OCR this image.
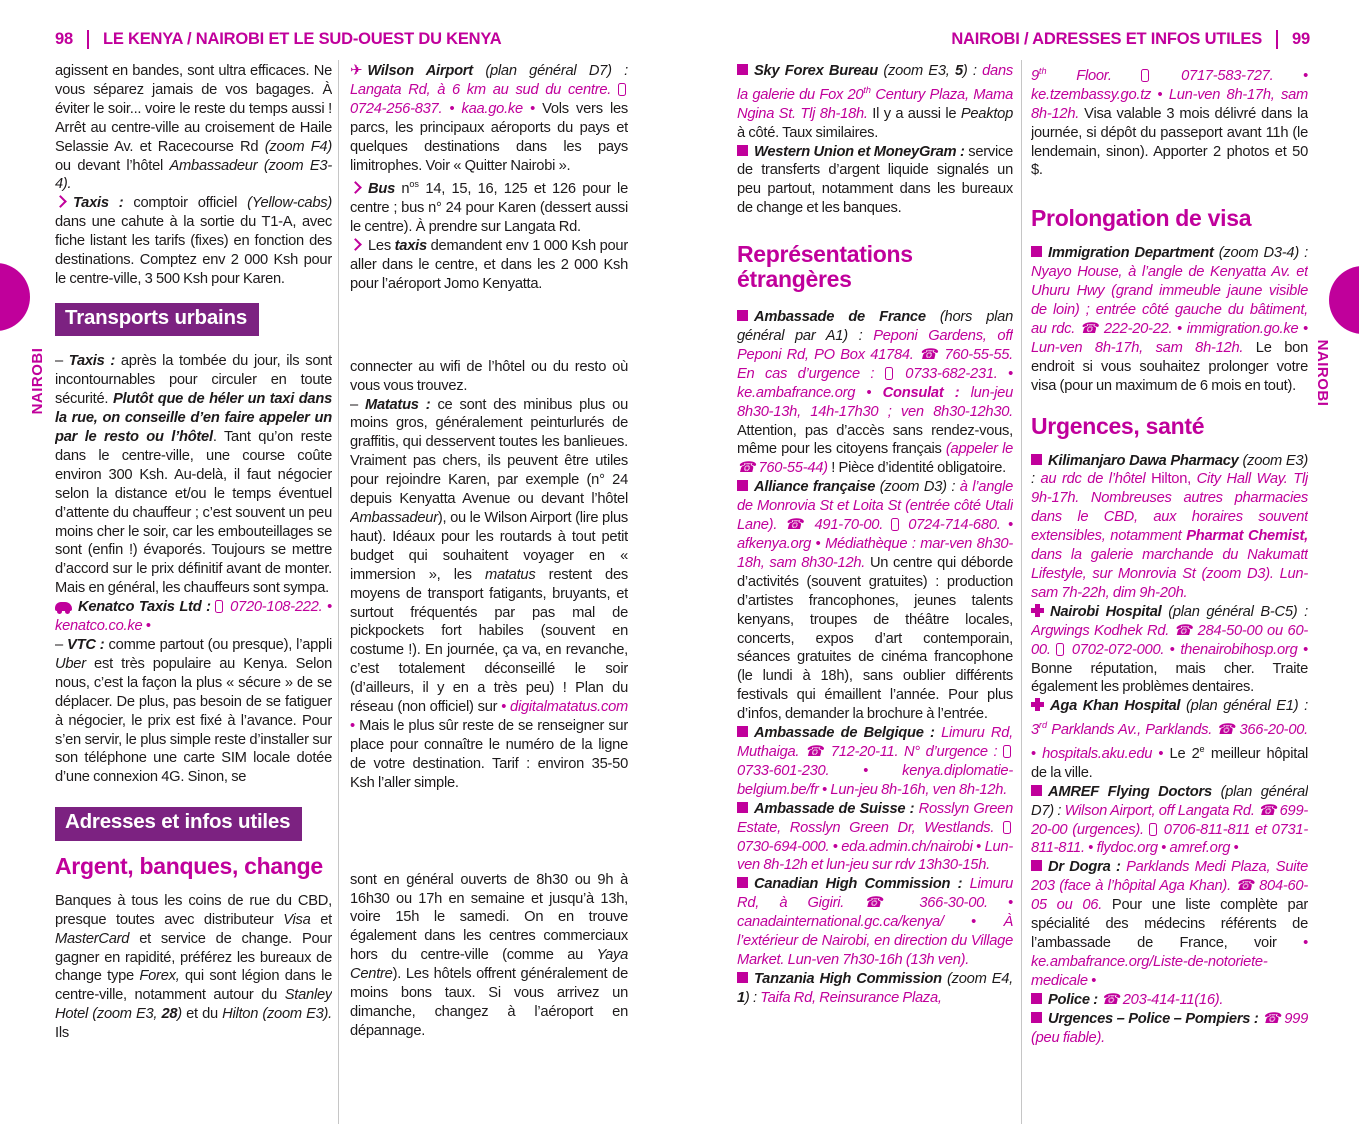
98 LE KENYA / NAIROBI ET LE SUD-OUEST DU KENYA	NAIROBI / ADRESSES ET INFOS UTILES 99
NAIROBI	NAIROBI

agissent en bandes, sont ultra efficaces. Ne vous séparez jamais de vos bagages. À éviter le soir... voire le reste du temps aussi ! Arrêt au centre-ville au croisement de Haile Selassie Av. et Racecourse Rd (zoom F4) ou devant l’hôtel Ambassadeur (zoom E3-4).

Taxis : comptoir officiel (Yellow-cabs) dans une cahute à la sortie du T1-A, avec fiche listant les tarifs (fixes) en fonction des destinations. Comptez env 2 000 Ksh pour le centre-ville, 3 500 Ksh pour Karen.

Transports urbains

– Taxis : après la tombée du jour, ils sont incontournables pour circuler en toute sécurité. Plutôt que de héler un taxi dans la rue, on conseille d’en faire appeler un par le resto ou l’hôtel. Tant qu’on reste dans le centre-ville, une course coûte environ 300 Ksh. Au-delà, il faut négocier selon la distance et/ou le temps éventuel d’attente du chauffeur ; c’est souvent un peu moins cher le soir, car les embouteillages se sont (enfin !) évaporés. Toujours se mettre d’accord sur le prix définitif avant de monter. Mais en général, les chauffeurs sont sympa.

Kenatco Taxis Ltd :  0720-108-222. • kenatco.co.ke •

– VTC : comme partout (ou presque), l’appli Uber est très populaire au Kenya. Selon nous, c’est la façon la plus « sécure » de se déplacer. De plus, pas besoin de se fatiguer à négocier, le prix est fixé à l’avance. Pour s’en servir, le plus simple reste d’installer sur son téléphone une carte SIM locale dotée d’une connexion 4G. Sinon, se

Adresses et infos utiles
Argent, banques, change

Banques à tous les coins de rue du CBD, presque toutes avec distributeur Visa et MasterCard et service de change. Pour gagner en rapidité, préférez les bureaux de change type Forex, qui sont légion dans le centre-ville, notamment autour du Stanley Hotel (zoom E3, 28) et du Hilton (zoom E3). Ils

✈Wilson Airport (plan général D7) : Langata Rd, à 6 km au sud du centre.  0724-256-837. • kaa.go.ke • Vols vers les parcs, les principaux aéroports du pays et quelques destinations dans les pays limitrophes. Voir « Quitter Nairobi ».

Bus $n^{os}$ 14, 15, 16, 125 et 126 pour le centre ; bus n° 24 pour Karen (dessert aussi le centre). À prendre sur Langata Rd.

Les taxis demandent env 1 000 Ksh pour aller dans le centre, et dans les 2 000 Ksh pour l’aéroport Jomo Kenyatta.

connecter au wifi de l’hôtel ou du resto où vous vous trouvez.

– Matatus : ce sont des minibus plus ou moins gros, généralement peinturlurés de graffitis, qui desservent toutes les banlieues. Vraiment pas chers, ils peuvent être utiles pour rejoindre Karen, par exemple (n° 24 depuis Kenyatta Avenue ou devant l’hôtel Ambassadeur), ou le Wilson Airport (lire plus haut). Idéaux pour les routards à tout petit budget qui souhaitent voyager en « immersion », les matatus restent des moyens de transport fatigants, bruyants, et surtout fréquentés par pas mal de pickpockets fort habiles (souvent en costume !). En journée, ça va, en revanche, c’est totalement déconseillé le soir (d’ailleurs, il y en a très peu) ! Plan du réseau (non officiel) sur • digitalmatatus.com • Mais le plus sûr reste de se renseigner sur place pour connaître le numéro de la ligne de votre destination. Tarif : environ 35-50 Ksh l’aller simple.

sont en général ouverts de 8h30 ou 9h à 16h30 ou 17h en semaine et jusqu’à 13h, voire 15h le samedi. On en trouve également dans les centres commerciaux hors du centre-ville (comme au Yaya Centre). Les hôtels offrent généralement de moins bons taux. Si vous arrivez un dimanche, changez à l’aéroport en dépannage.

Sky Forex Bureau (zoom E3, 5) : dans la galerie du Fox 20th Century Plaza, Mama Ngina St. Tlj 8h-18h. Il y a aussi le Peaktop à côté. Taux similaires.

Western Union et MoneyGram : service de transferts d’argent liquide signalés un peu partout, notamment dans les bureaux de change et les banques.

Représentations étrangères

Ambassade de France (hors plan général par A1) : Peponi Gardens, off Peponi Rd, PO Box 41784. ☎ 760-55-55. En cas d’urgence :  0733-682-231. • ke.ambafrance.org • Consulat : lun-jeu 8h30-13h, 14h-17h30 ; ven 8h30-12h30. Attention, pas d’accès sans rendez-vous, même pour les citoyens français (appeler le ☎ 760-55-44) ! Pièce d’identité obligatoire.

Alliance française (zoom D3) : à l’angle de Monrovia St et Loita St (entrée côté Utali Lane). ☎ 491-70-00.  0724-714-680. • afkenya.org • Médiathèque : mar-ven 8h30-18h, sam 8h30-12h. Un centre qui déborde d’activités (souvent gratuites) : production d’artistes francophones, jeunes talents kenyans, troupes de théâtre locales, concerts, expos d’art contemporain, séances gratuites de cinéma francophone (le lundi à 18h), sans oublier différents festivals qui émaillent l’année. Pour plus d’infos, demander la brochure à l’entrée.

Ambassade de Belgique : Limuru Rd, Muthaiga. ☎ 712-20-11. N° d’urgence :  0733-601-230. • kenya.diplomatie-belgium.be/fr • Lun-jeu 8h-16h, ven 8h-12h.

Ambassade de Suisse : Rosslyn Green Estate, Rosslyn Green Dr, Westlands.  0730-694-000. • eda.admin.ch/nairobi • Lun-ven 8h-12h et lun-jeu sur rdv 13h30-15h.

Canadian High Commission : Limuru Rd, à Gigiri. ☎ 366-30-00. • canadainternational.gc.ca/kenya/ • À l’extérieur de Nairobi, en direction du Village Market. Lun-ven 7h30-16h (13h ven).

Tanzania High Commission (zoom E4, 1) : Taifa Rd, Reinsurance Plaza,

9th Floor.  0717-583-727. • ke.tzembassy.go.tz • Lun-ven 8h-17h, sam 8h-12h. Visa valable 3 mois délivré dans la journée, si dépôt du passeport avant 11h (le lendemain, sinon). Apporter 2 photos et 50 $.

Prolongation de visa

Immigration Department (zoom D3-4) : Nyayo House, à l’angle de Kenyatta Av. et Uhuru Hwy (grand immeuble jaune visible de loin) ; entrée côté gauche du bâtiment, au rdc. ☎ 222-20-22. • immigration.go.ke • Lun-ven 8h-17h, sam 8h-12h. Le bon endroit si vous souhaitez prolonger votre visa (pour un maximum de 6 mois en tout).

Urgences, santé

Kilimanjaro Dawa Pharmacy (zoom E3) : au rdc de l’hôtel Hilton, City Hall Way. Tlj 9h-17h. Nombreuses autres pharmacies dans le CBD, aux horaires souvent extensibles, notamment Pharmat Chemist, dans la galerie marchande du Nakumatt Lifestyle, sur Monrovia St (zoom D3). Lun-sam 7h-22h, dim 9h-20h.

Nairobi Hospital (plan général B-C5) : Argwings Kodhek Rd. ☎ 284-50-00 ou 60-00.  0702-072-000. • thenairobihosp.org • Bonne réputation, mais cher. Traite également les problèmes dentaires.

Aga Khan Hospital (plan général E1) : 3rd Parklands Av., Parklands. ☎ 366-20-00. • hospitals.aku.edu • Le 2e meilleur hôpital de la ville.

AMREF Flying Doctors (plan général D7) : Wilson Airport, off Langata Rd. ☎ 699-20-00 (urgences).  0706-811-811 et 0731-811-811. • flydoc.org • amref.org •

Dr Dogra : Parklands Medi Plaza, Suite 203 (face à l’hôpital Aga Khan). ☎ 804-60-05 ou 06. Pour une liste complète par spécialité des médecins référents de l’ambassade de France, voir • ke.ambafrance.org/Liste-de-notoriete-medicale •

Police : ☎ 203-414-11(16).

Urgences – Police – Pompiers : ☎ 999 (peu fiable).
